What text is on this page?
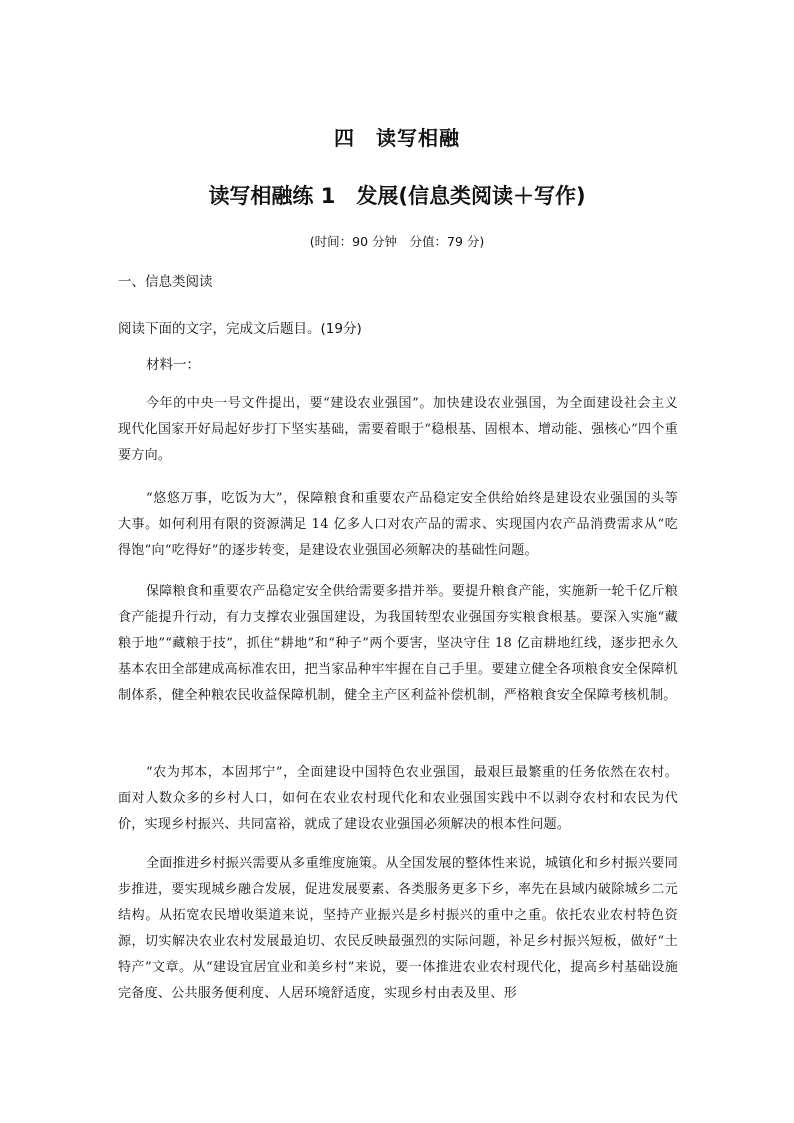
四　读写相融
读写相融练 1　发展(信息类阅读＋写作)
(时间：90 分钟　分值：79 分)
一、信息类阅读
阅读下面的文字，完成文后题目。(19分)
材料一：

今年的中央一号文件提出，要“建设农业强国”。加快建设农业强国，为全面建设社会主义现代化国家开好局起好步打下坚实基础，需要着眼于“稳根基、固根本、增动能、强核心”四个重要方向。

“悠悠万事，吃饭为大”，保障粮食和重要农产品稳定安全供给始终是建设农业强国的头等大事。如何利用有限的资源满足 14 亿多人口对农产品的需求、实现国内农产品消费需求从“吃得饱”向“吃得好”的逐步转变，是建设农业强国必须解决的基础性问题。

保障粮食和重要农产品稳定安全供给需要多措并举。要提升粮食产能，实施新一轮千亿斤粮食产能提升行动，有力支撑农业强国建设，为我国转型农业强国夯实粮食根基。要深入实施“藏粮于地”“藏粮于技”，抓住“耕地”和“种子”两个要害，坚决守住 18 亿亩耕地红线，逐步把永久基本农田全部建成高标准农田，把当家品种牢牢握在自己手里。要建立健全各项粮食安全保障机制体系，健全种粮农民收益保障机制，健全主产区利益补偿机制，严格粮食安全保障考核机制。

“农为邦本，本固邦宁”，全面建设中国特色农业强国，最艰巨最繁重的任务依然在农村。面对人数众多的乡村人口，如何在农业农村现代化和农业强国实践中不以剥夺农村和农民为代价，实现乡村振兴、共同富裕，就成了建设农业强国必须解决的根本性问题。

全面推进乡村振兴需要从多重维度施策。从全国发展的整体性来说，城镇化和乡村振兴要同步推进，要实现城乡融合发展，促进发展要素、各类服务更多下乡，率先在县域内破除城乡二元结构。从拓宽农民增收渠道来说，坚持产业振兴是乡村振兴的重中之重。依托农业农村特色资源，切实解决农业农村发展最迫切、农民反映最强烈的实际问题，补足乡村振兴短板，做好“土特产”文章。从“建设宜居宜业和美乡村”来说，要一体推进农业农村现代化，提高乡村基础设施完备度、公共服务便利度、人居环境舒适度，实现乡村由表及里、形
